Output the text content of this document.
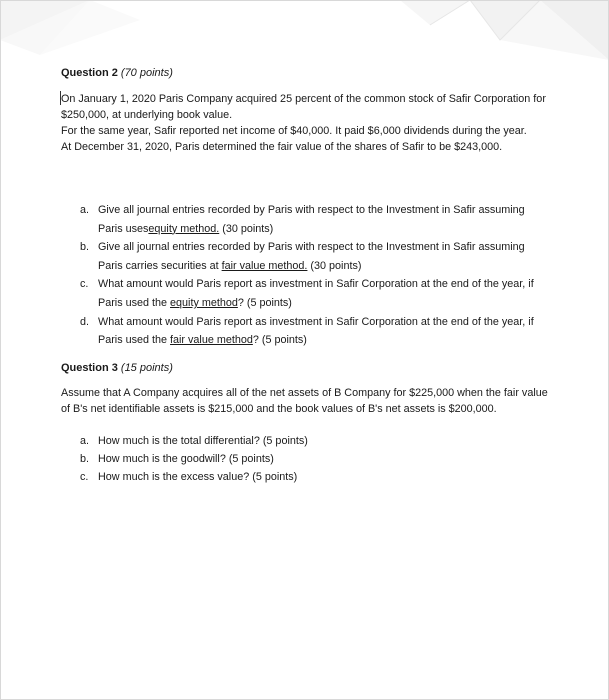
Question 2 (70 points)

On January 1, 2020 Paris Company acquired 25 percent of the common stock of Safir Corporation for $250,000, at underlying book value.

For the same year, Safir reported net income of $40,000. It paid $6,000 dividends during the year.

At December 31, 2020, Paris determined the fair value of the shares of Safir to be $243,000.

a. Give all journal entries recorded by Paris with respect to the Investment in Safir assuming Paris usesequity method. (30 points)
b. Give all journal entries recorded by Paris with respect to the Investment in Safir assuming Paris carries securities at fair value method. (30 points)
c. What amount would Paris report as investment in Safir Corporation at the end of the year, if Paris used the equity method? (5 points)
d. What amount would Paris report as investment in Safir Corporation at the end of the year, if Paris used the fair value method? (5 points)
Question 3 (15 points)

Assume that A Company acquires all of the net assets of B Company for $225,000 when the fair value of B's net identifiable assets is $215,000 and the book values of B's net assets is $200,000.

a. How much is the total differential? (5 points)
b. How much is the goodwill? (5 points)
c. How much is the excess value? (5 points)
